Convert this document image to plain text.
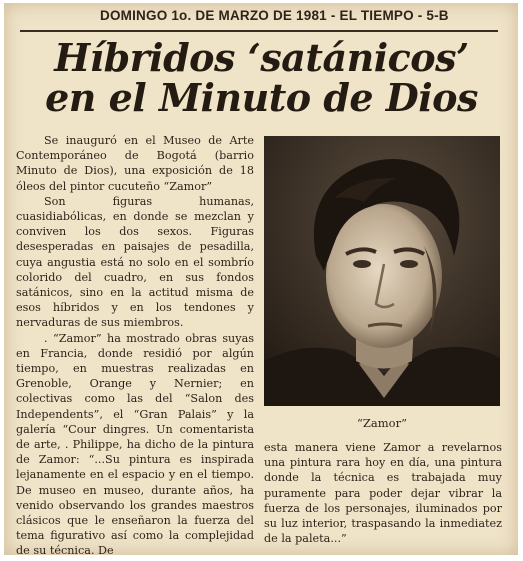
DOMINGO 1o. DE MARZO DE 1981 - EL TIEMPO - 5-B
Híbridos ‘satánicos’
en el Minuto de Dios

Se inauguró en el Museo de Arte Contemporáneo de Bogotá (barrio Minuto de Dios), una exposición de 18 óleos del pintor cucuteño “Zamor”

Son figuras humanas, cuasidiabólicas, en donde se mezclan y conviven los dos sexos. Figuras desesperadas en paisajes de pesadilla, cuya angustia está no solo en el sombrío colorido del cuadro, en sus fondos satánicos, sino en la actitud misma de esos híbridos y en los tendones y nervaduras de sus miembros.

. “Zamor” ha mostrado obras suyas en Francia, donde residió por algún tiempo, en muestras realizadas en Grenoble, Orange y Nernier; en colectivas como las del “Salon des Independents”, el “Gran Palais” y la galería “Cour dingres. Un comentarista de arte, . Philippe, ha dicho de la pintura de Zamor: “...Su pintura es inspirada lejanamente en el espacio y en el tiempo. De museo en museo, durante años, ha venido observando los grandes maestros clásicos que le enseñaron la fuerza del tema figurativo así como la complejidad de su técnica. De

“Zamor”

esta manera viene Zamor a revelarnos una pintura rara hoy en día, una pintura donde la técnica es trabajada muy puramente para poder dejar vibrar la fuerza de los personajes, iluminados por su luz interior, traspasando la inmediatez de la paleta...”
